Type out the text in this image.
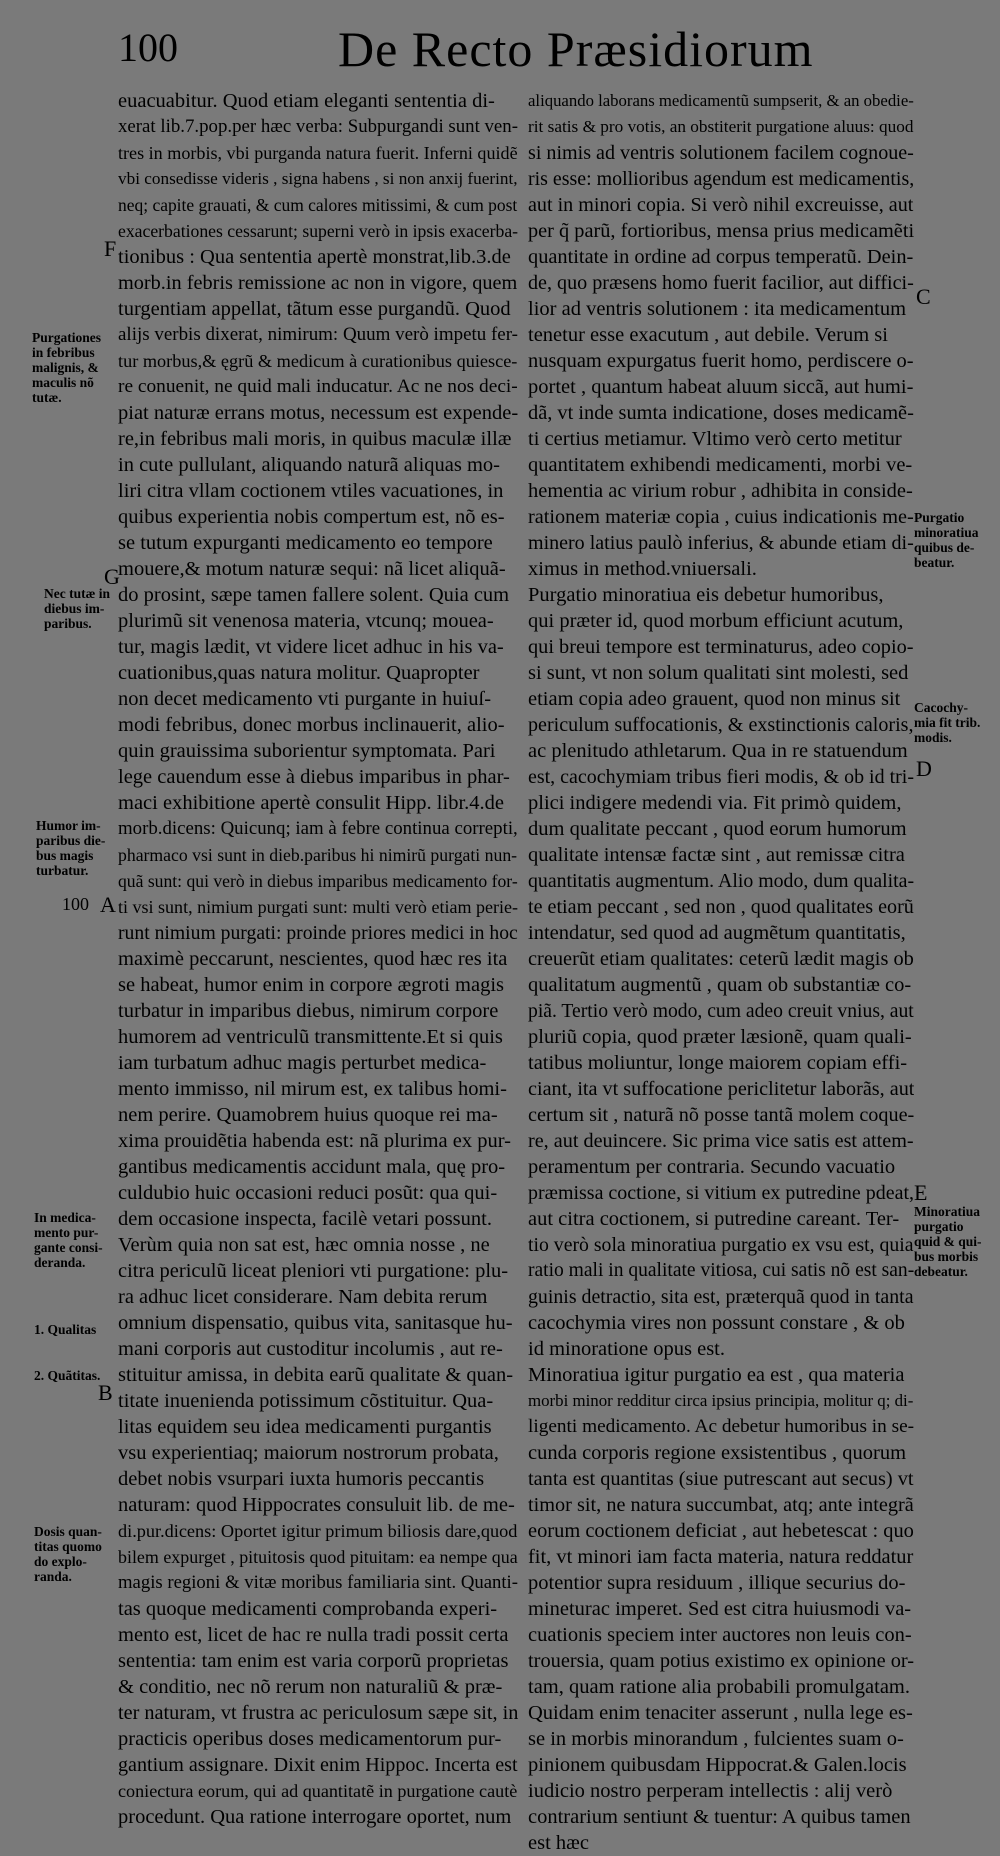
100	De Recto Præsidiorum
euacuabitur. Quod etiam eleganti sententia di-
xerat lib.7.pop.per hæc verba: Subpurgandi sunt ven-
tres in morbis, vbi purganda natura fuerit. Inferni quidẽ
vbi consedisse videris , signa habens , si non anxij fuerint,
neq; capite grauati, & cum calores mitissimi, & cum post
exacerbationes cessarunt; superni verò in ipsis exacerba-
tionibus : Qua sententia apertè monstrat,lib.3.de
morb.in febris remissione ac non in vigore, quem
turgentiam appellat, tãtum esse purgandũ. Quod
alijs verbis dixerat, nimirum: Quum verò impetu fer-
tur morbus,& ęgrũ & medicum à curationibus quiesce-
re conuenit, ne quid mali inducatur. Ac ne nos deci-
piat naturæ errans motus, necessum est expende-
re,in febribus mali moris, in quibus maculæ illæ
in cute pullulant, aliquando naturã aliquas mo-
liri citra vllam coctionem vtiles vacuationes, in
quibus experientia nobis compertum est, nõ es-
se tutum expurganti medicamento eo tempore
mouere,& motum naturæ sequi: nã licet aliquã-
do prosint, sæpe tamen fallere solent. Quia cum
plurimũ sit venenosa materia, vtcunq; mouea-
tur, magis lædit, vt videre licet adhuc in his va-
cuationibus,quas natura molitur. Quapropter
non decet medicamento vti purgante in huiuſ-
modi febribus, donec morbus inclinauerit, alio-
quin grauissima suborientur symptomata. Pari
lege cauendum esse à diebus imparibus in phar-
maci exhibitione apertè consulit Hipp. libr.4.de
morb.dicens: Quicunq; iam à febre continua correpti,
pharmaco vsi sunt in dieb.paribus hi nimirũ purgati nun-
quã sunt: qui verò in diebus imparibus medicamento for-
ti vsi sunt, nimium purgati sunt: multi verò etiam perie-
runt nimium purgati: proinde priores medici in hoc
maximè peccarunt, nescientes, quod hæc res ita
se habeat, humor enim in corpore ægroti magis
turbatur in imparibus diebus, nimirum corpore
humorem ad ventriculũ transmittente.Et si quis
iam turbatum adhuc magis perturbet medica-
mento immisso, nil mirum est, ex talibus homi-
nem perire. Quamobrem huius quoque rei ma-
xima prouidẽtia habenda est: nã plurima ex pur-
gantibus medicamentis accidunt mala, quę pro-
culdubio huic occasioni reduci posũt: qua qui-
dem occasione inspecta, facilè vetari possunt.
Verùm quia non sat est, hæc omnia nosse , ne
citra periculũ liceat pleniori vti purgatione: plu-
ra adhuc licet considerare. Nam debita rerum
omnium dispensatio, quibus vita, sanitasque hu-
mani corporis aut custoditur incolumis , aut re-
stituitur amissa, in debita earũ qualitate & quan-
titate inuenienda potissimum cõstituitur. Qua-
litas equidem seu idea medicamenti purgantis
vsu experientiaq; maiorum nostrorum probata,
debet nobis vsurpari iuxta humoris peccantis
naturam: quod Hippocrates consuluit lib. de me-
di.pur.dicens: Oportet igitur primum biliosis dare,quod
bilem expurget , pituitosis quod pituitam: ea nempe qua
magis regioni & vitæ moribus familiaria sint. Quanti-
tas quoque medicamenti comprobanda experi-
mento est, licet de hac re nulla tradi possit certa
sententia: tam enim est varia corporũ proprietas
& conditio, nec nõ rerum non naturaliũ & præ-
ter naturam, vt frustra ac periculosum sæpe sit, in
practicis operibus doses medicamentorum pur-
gantium assignare. Dixit enim Hippoc. Incerta est
coniectura eorum, qui ad quantitatẽ in purgatione cautè
procedunt. Qua ratione interrogare oportet, num
aliquando laborans medicamentũ sumpserit, & an obedie-
rit satis & pro votis, an obstiterit purgatione aluus: quod
si nimis ad ventris solutionem facilem cognoue-
ris esse: mollioribus agendum est medicamentis,
aut in minori copia. Si verò nihil excreuisse, aut
per q̃ parũ, fortioribus, mensa prius medicamẽti
quantitate in ordine ad corpus temperatũ. Dein-
de, quo præsens homo fuerit facilior, aut diffici-
lior ad ventris solutionem : ita medicamentum
tenetur esse exacutum , aut debile. Verum si
nusquam expurgatus fuerit homo, perdiscere o-
portet , quantum habeat aluum siccã, aut humi-
dã, vt inde sumta indicatione, doses medicamẽ-
ti certius metiamur. Vltimo verò certo metitur
quantitatem exhibendi medicamenti, morbi ve-
hementia ac virium robur , adhibita in conside-
rationem materiæ copia , cuius indicationis me-
minero latius paulò inferius, & abunde etiam di-
ximus in method.vniuersali.
Purgatio minoratiua eis debetur humoribus,
qui præter id, quod morbum efficiunt acutum,
qui breui tempore est terminaturus, adeo copio-
si sunt, vt non solum qualitati sint molesti, sed
etiam copia adeo grauent, quod non minus sit
periculum suffocationis, & exstinctionis caloris,
ac plenitudo athletarum. Qua in re statuendum
est, cacochymiam tribus fieri modis, & ob id tri-
plici indigere medendi via. Fit primò quidem,
dum qualitate peccant , quod eorum humorum
qualitate intensæ factæ sint , aut remissæ citra
quantitatis augmentum. Alio modo, dum qualita-
te etiam peccant , sed non , quod qualitates eorũ
intendatur, sed quod ad augmẽtum quantitatis,
creuerũt etiam qualitates: ceterũ lædit magis ob
qualitatum augmentũ , quam ob substantiæ co-
piã. Tertio verò modo, cum adeo creuit vnius, aut
pluriũ copia, quod præter læsionẽ, quam quali-
tatibus moliuntur, longe maiorem copiam effi-
ciant, ita vt suffocatione periclitetur laborãs, aut
certum sit , naturã nõ posse tantã molem coque-
re, aut deuincere. Sic prima vice satis est attem-
peramentum per contraria. Secundo vacuatio
præmissa coctione, si vitium ex putredine pdeat,
aut citra coctionem, si putredine careant. Ter-
tio verò sola minoratiua purgatio ex vsu est, quia
ratio mali in qualitate vitiosa, cui satis nõ est san-
guinis detractio, sita est, præterquã quod in tanta
cacochymia vires non possunt constare , & ob
id minoratione opus est.
Minoratiua igitur purgatio ea est , qua materia
morbi minor redditur circa ipsius principia, molitur q; di-
ligenti medicamento. Ac debetur humoribus in se-
cunda corporis regione exsistentibus , quorum
tanta est quantitas (siue putrescant aut secus) vt
timor sit, ne natura succumbat, atq; ante integrã
eorum coctionem deficiat , aut hebetescat : quo
fit, vt minori iam facta materia, natura reddatur
potentior supra residuum , illique securius do-
mineturac imperet. Sed est citra huiusmodi va-
cuationis speciem inter auctores non leuis con-
trouersia, quam potius existimo ex opinione or-
tam, quam ratione alia probabili promulgatam.
Quidam enim tenaciter asserunt , nulla lege es-
se in morbis minorandum , fulcientes suam o-
pinionem quibusdam Hippocrat.& Galen.locis
iudicio nostro perperam intellectis : alij verò
contrarium sentiunt & tuentur: A quibus tamen
est hæc
Purgationes
in febribus
malignis, &
maculis nõ
tutæ.
Nec tutæ in
diebus im-
paribus.
Humor im-
paribus die-
bus magis
turbatur.
In medica-
mento pur-
gante consi-
deranda.
1. Qualitas
2. Quãtitas.
Dosis quan-
titas quomo
do explo-
randa.
Purgatio
minoratiua
quibus de-
beatur.
Cacochy-
mia fit trib.
modis.
Minoratiua
purgatio
quid & qui-
bus morbis
debeatur.
F
G
A
100
B
C
D
E
